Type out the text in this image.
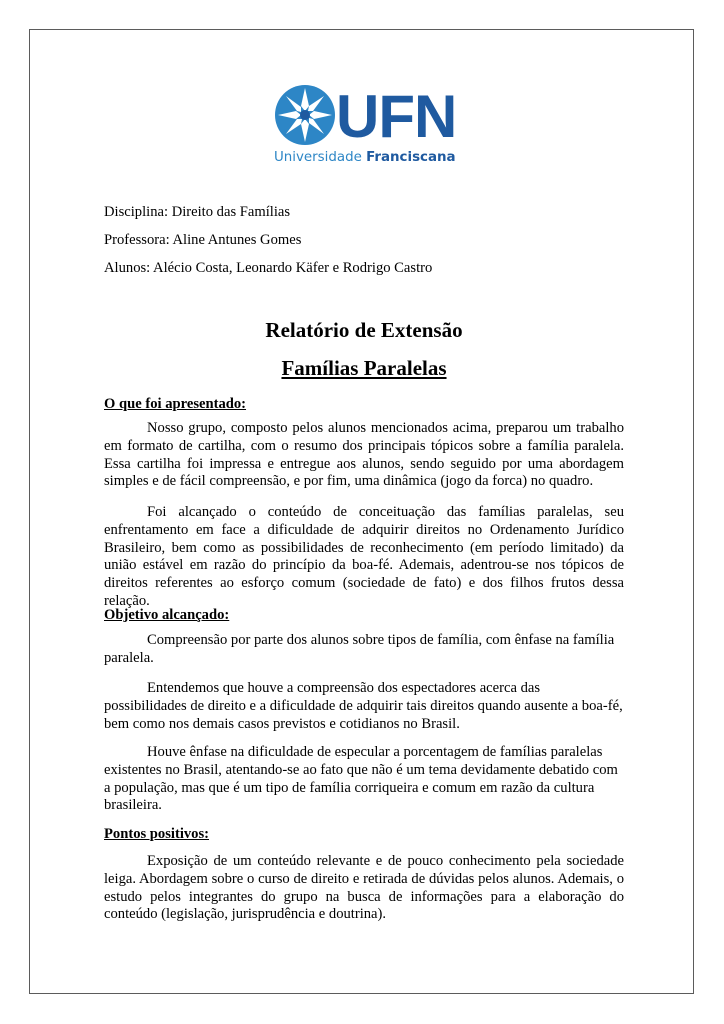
UFN
Universidade Franciscana
Disciplina: Direito das Famílias
Professora: Aline Antunes Gomes
Alunos: Alécio Costa, Leonardo Käfer e Rodrigo Castro
Relatório de Extensão
Famílias Paralelas
O que foi apresentado:
Nosso grupo, composto pelos alunos mencionados acima, preparou um trabalho em formato de cartilha, com o resumo dos principais tópicos sobre a família paralela. Essa cartilha foi impressa e entregue aos alunos, sendo seguido por uma abordagem simples e de fácil compreensão, e por fim, uma dinâmica (jogo da forca) no quadro.
Foi alcançado o conteúdo de conceituação das famílias paralelas, seu enfrentamento em face a dificuldade de adquirir direitos no Ordenamento Jurídico Brasileiro, bem como as possibilidades de reconhecimento (em período limitado) da união estável em razão do princípio da boa-fé. Ademais, adentrou-se nos tópicos de direitos referentes ao esforço comum (sociedade de fato) e dos filhos frutos dessa relação.
Objetivo alcançado:
Compreensão por parte dos alunos sobre tipos de família, com ênfase na família paralela.
Entendemos que houve a compreensão dos espectadores acerca das possibilidades de direito e a dificuldade de adquirir tais direitos quando ausente a boa-fé, bem como nos demais casos previstos e cotidianos no Brasil.
Houve ênfase na dificuldade de especular a porcentagem de famílias paralelas existentes no Brasil, atentando-se ao fato que não é um tema devidamente debatido com a população, mas que é um tipo de família corriqueira e comum em razão da cultura brasileira.
Pontos positivos:
Exposição de um conteúdo relevante e de pouco conhecimento pela sociedade leiga. Abordagem sobre o curso de direito e retirada de dúvidas pelos alunos. Ademais, o estudo pelos integrantes do grupo na busca de informações para a elaboração do conteúdo (legislação, jurisprudência e doutrina).
